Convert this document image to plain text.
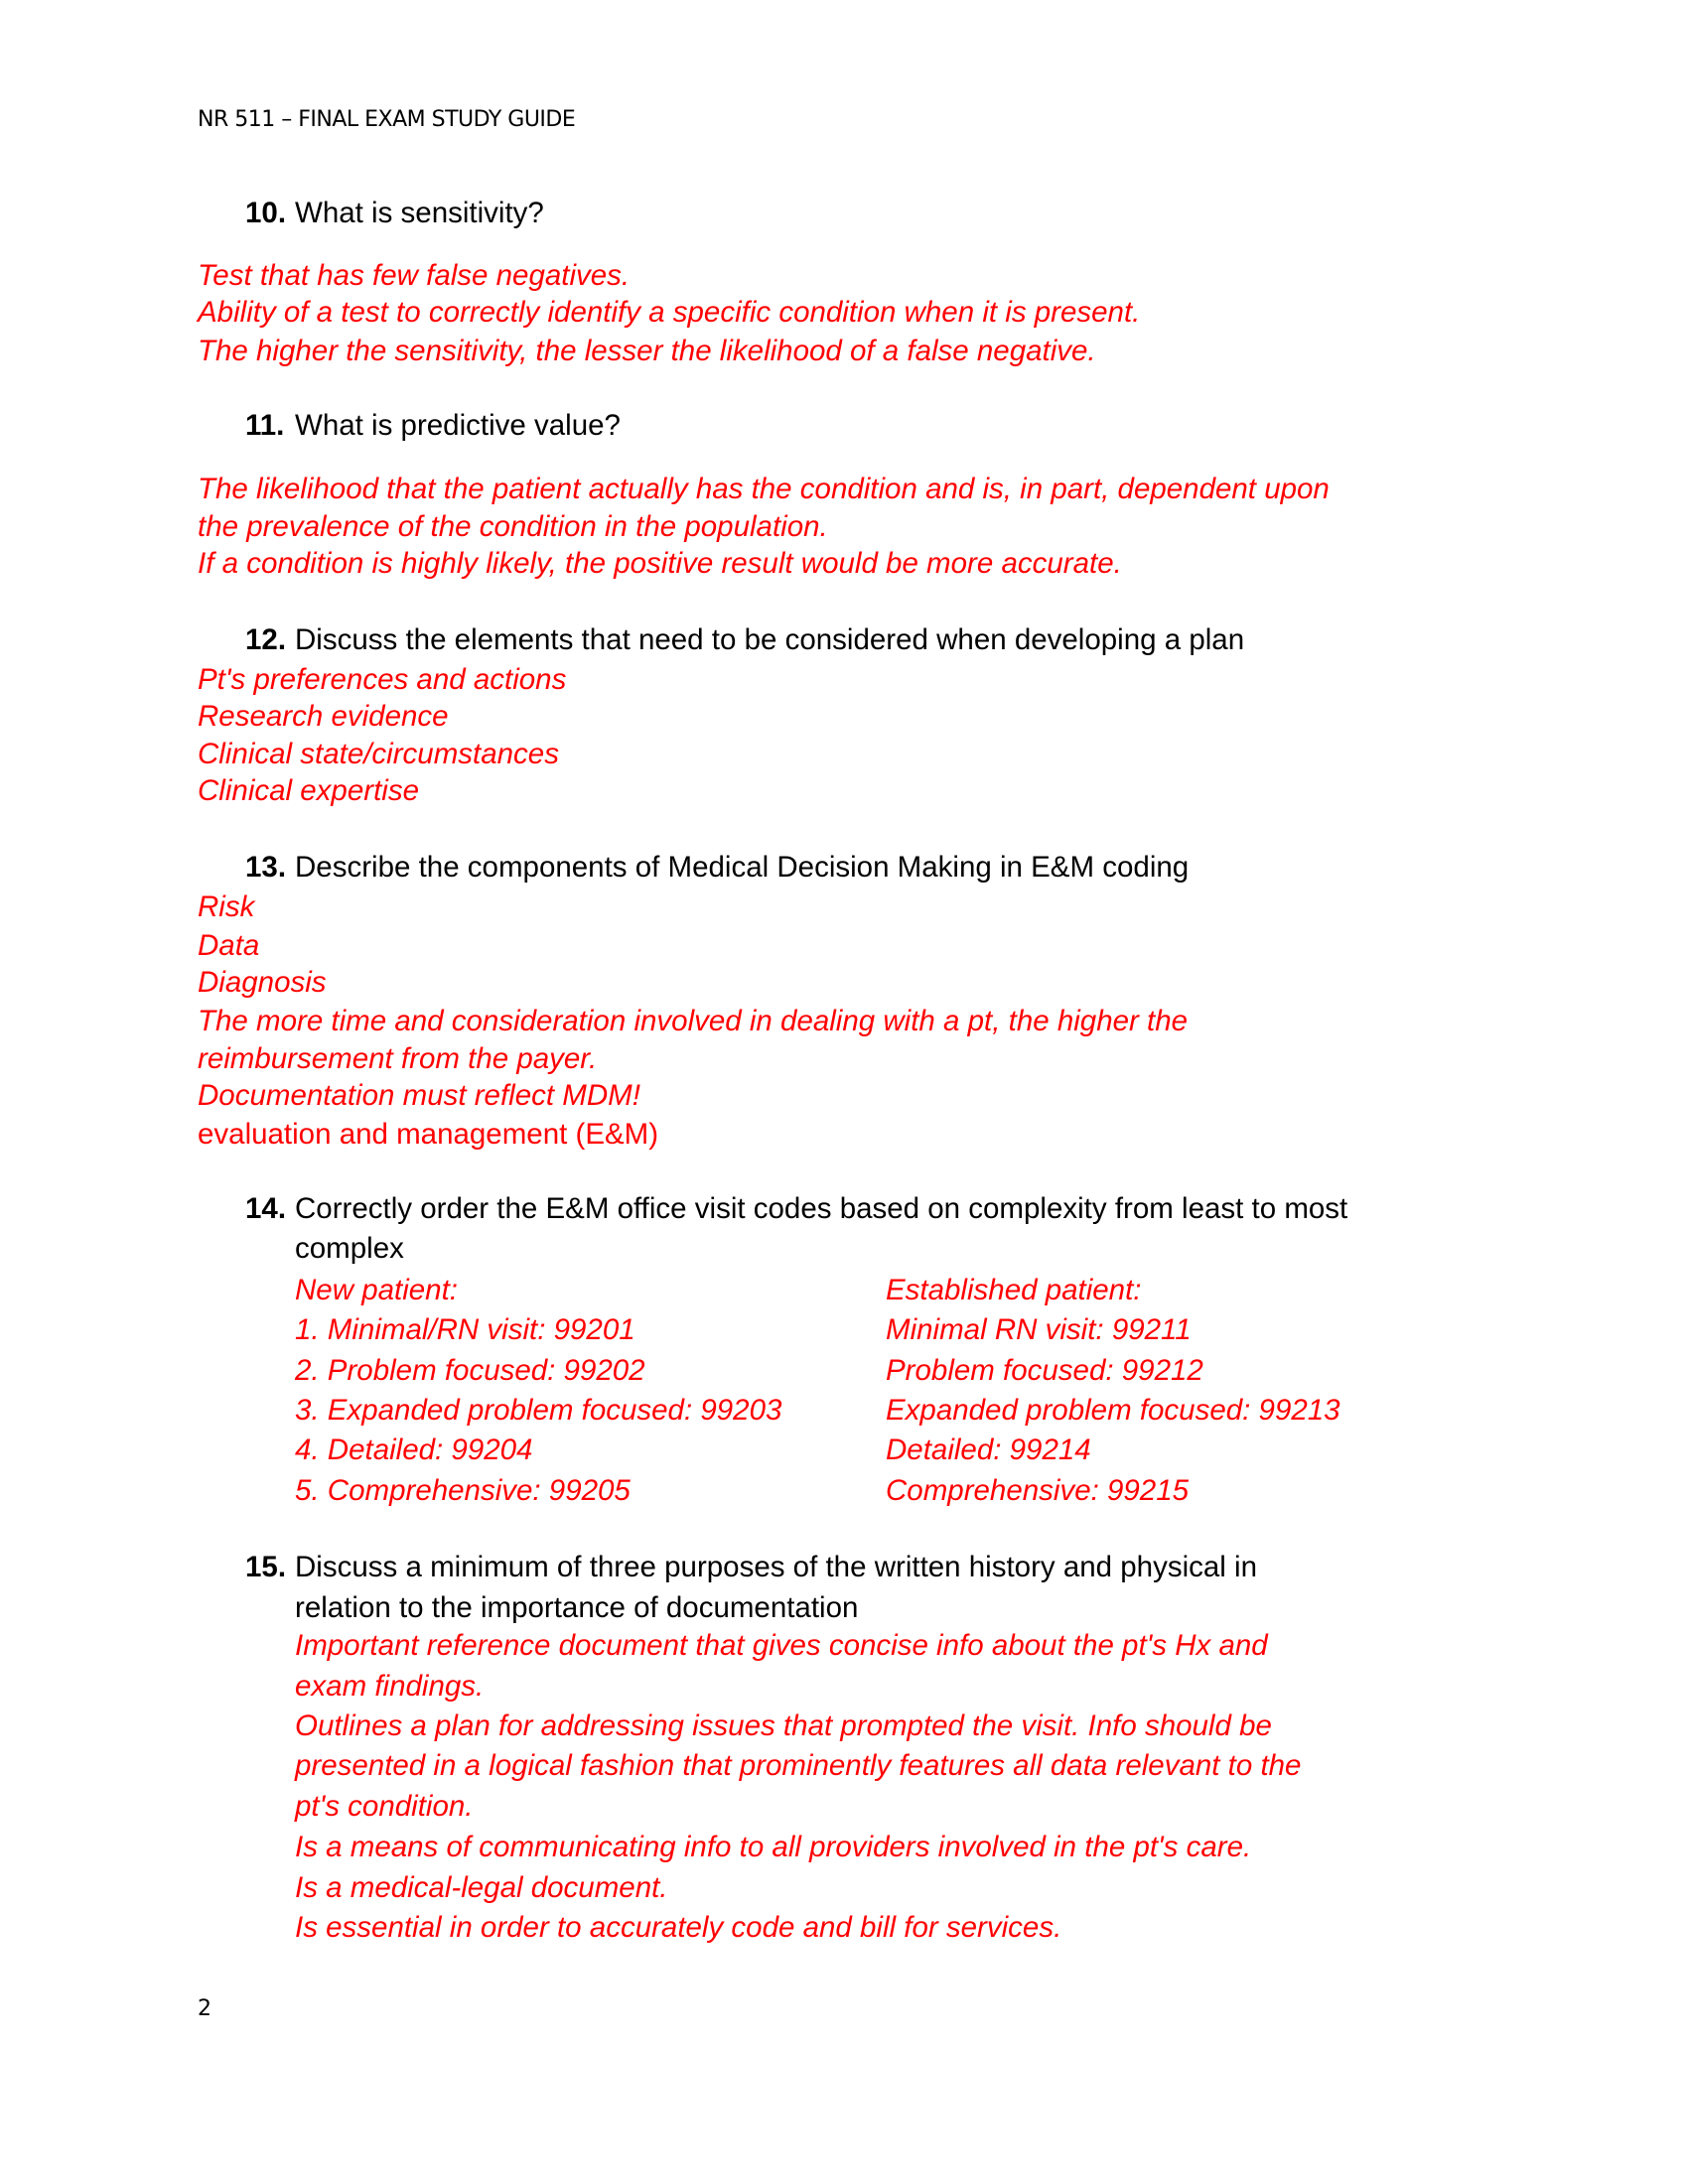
NR 511 – FINAL EXAM STUDY GUIDE
10. What is sensitivity?
Test that has few false negatives.
Ability of a test to correctly identify a specific condition when it is present.
The higher the sensitivity, the lesser the likelihood of a false negative.
11. What is predictive value?
The likelihood that the patient actually has the condition and is, in part, dependent upon
the prevalence of the condition in the population.
If a condition is highly likely, the positive result would be more accurate.
12. Discuss the elements that need to be considered when developing a plan
Pt's preferences and actions
Research evidence
Clinical state/circumstances
Clinical expertise
13. Describe the components of Medical Decision Making in E&M coding
Risk
Data
Diagnosis
The more time and consideration involved in dealing with a pt, the higher the
reimbursement from the payer.
Documentation must reflect MDM!
evaluation and management (E&M)
14. Correctly order the E&M office visit codes based on complexity from least to most
complex
New patient:
1. Minimal/RN visit: 99201
2. Problem focused: 99202
3. Expanded problem focused: 99203
4. Detailed: 99204
5. Comprehensive: 99205
Established patient:
Minimal RN visit: 99211
Problem focused: 99212
Expanded problem focused: 99213
Detailed: 99214
Comprehensive: 99215
15. Discuss a minimum of three purposes of the written history and physical in
relation to the importance of documentation
Important reference document that gives concise info about the pt's Hx and
exam findings.
Outlines a plan for addressing issues that prompted the visit. Info should be
presented in a logical fashion that prominently features all data relevant to the
pt's condition.
Is a means of communicating info to all providers involved in the pt's care.
Is a medical-legal document.
Is essential in order to accurately code and bill for services.
2
